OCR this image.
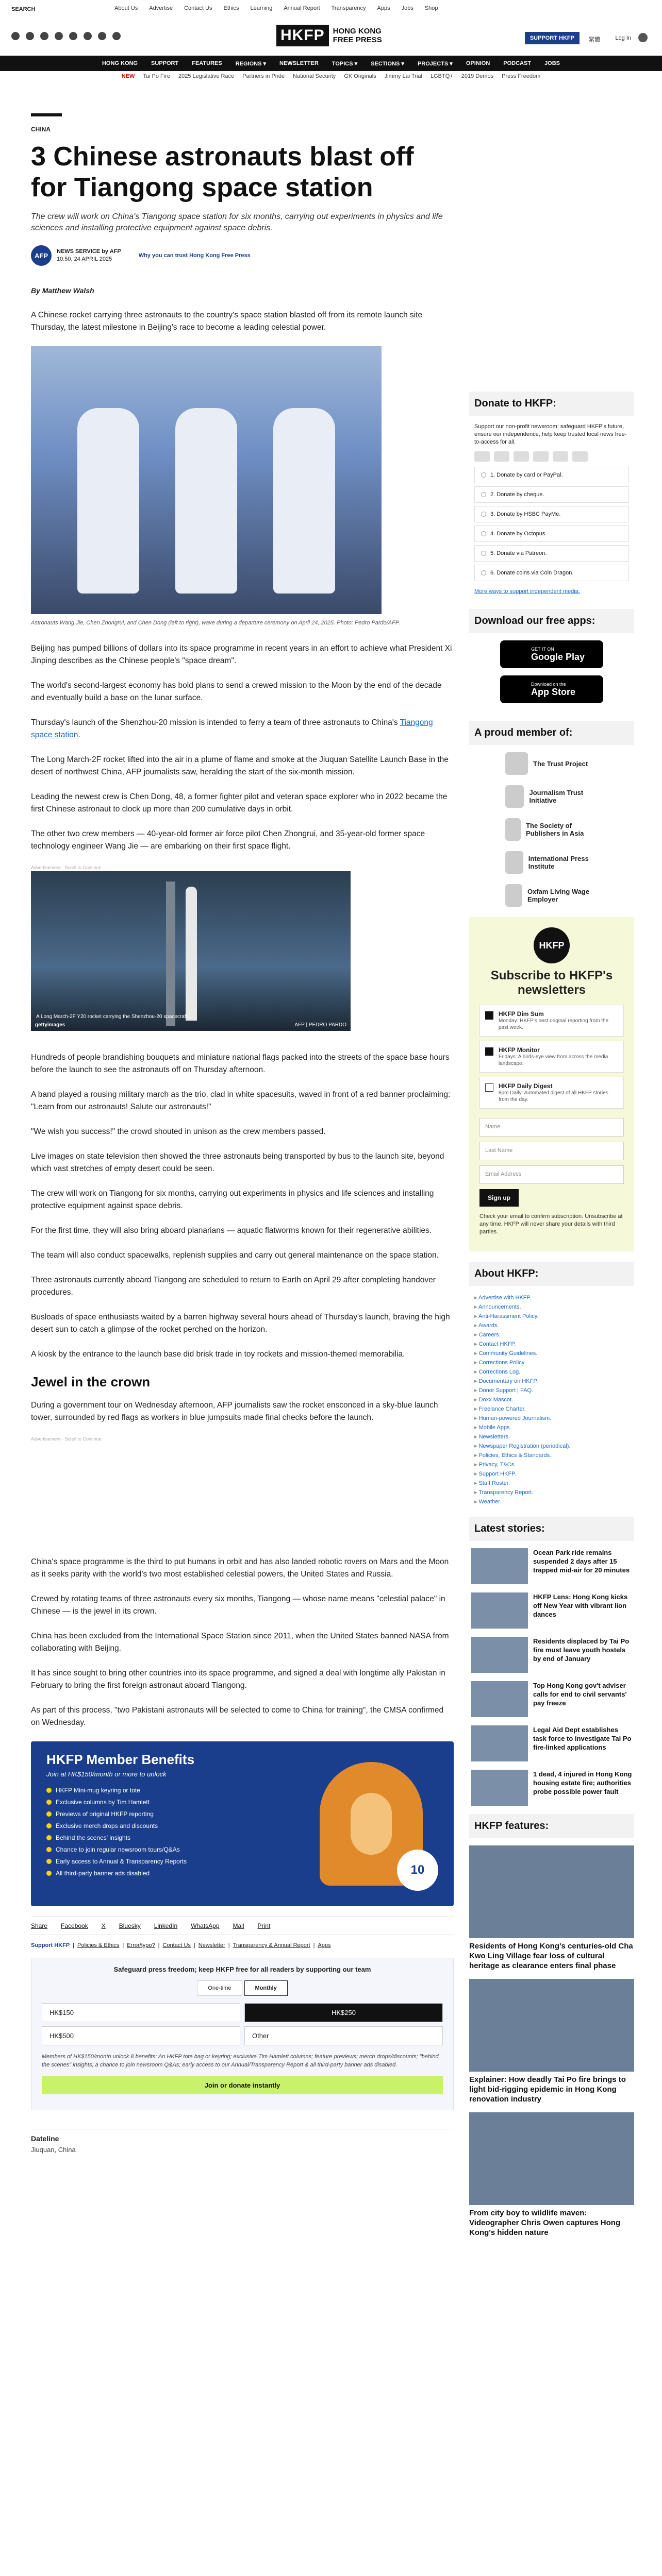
SEARCH	About Us Advertise Contact Us Ethics Learning Annual Report Transparency Apps Jobs Shop
HKFP	HONG KONG
FREE PRESS	SUPPORT HKFP	繁體	Log In
HONG KONG SUPPORT FEATURES REGIONS ▾ NEWSLETTER TOPICS ▾ SECTIONS ▾ PROJECTS ▾ OPINION PODCAST JOBS
NEW Tai Po Fire 2025 Legislative Race Partners in Pride National Security GK Originals Jimmy Lai Trial LGBTQ+ 2019 Demos Press Freedom
CHINA
3 Chinese astronauts blast off for Tiangong space station
The crew will work on China's Tiangong space station for six months, carrying out experiments in physics and life sciences and installing protective equipment against space debris.
AFP
NEWS SERVICE by AFP
10:50, 24 APRIL 2025
Why you can trust Hong Kong Free Press
By Matthew Walsh

A Chinese rocket carrying three astronauts to the country's space station blasted off from its remote launch site Thursday, the latest milestone in Beijing's race to become a leading celestial power.

Astronauts Wang Jie, Chen Zhongrui, and Chen Dong (left to right), wave during a departure ceremony on April 24, 2025. Photo: Pedro Pardo/AFP.

Beijing has pumped billions of dollars into its space programme in recent years in an effort to achieve what President Xi Jinping describes as the Chinese people's "space dream".

The world's second-largest economy has bold plans to send a crewed mission to the Moon by the end of the decade and eventually build a base on the lunar surface.

Thursday's launch of the Shenzhou-20 mission is intended to ferry a team of three astronauts to China's Tiangong space station.

The Long March-2F rocket lifted into the air in a plume of flame and smoke at the Jiuquan Satellite Launch Base in the desert of northwest China, AFP journalists saw, heralding the start of the six-month mission.

Leading the newest crew is Chen Dong, 48, a former fighter pilot and veteran space explorer who in 2022 became the first Chinese astronaut to clock up more than 200 cumulative days in orbit.

The other two crew members — 40-year-old former air force pilot Chen Zhongrui, and 35-year-old former space technology engineer Wang Jie — are embarking on their first space flight.

Advertisement · Scroll to Continue
A Long March-2F Y20 rocket carrying the Shenzhou-20 spacecraft...
gettyimages	AFP | PEDRO PARDO

Hundreds of people brandishing bouquets and miniature national flags packed into the streets of the space base hours before the launch to see the astronauts off on Thursday afternoon.

A band played a rousing military march as the trio, clad in white spacesuits, waved in front of a red banner proclaiming: "Learn from our astronauts! Salute our astronauts!"

"We wish you success!" the crowd shouted in unison as the crew members passed.

Live images on state television then showed the three astronauts being transported by bus to the launch site, beyond which vast stretches of empty desert could be seen.

The crew will work on Tiangong for six months, carrying out experiments in physics and life sciences and installing protective equipment against space debris.

For the first time, they will also bring aboard planarians — aquatic flatworms known for their regenerative abilities.

The team will also conduct spacewalks, replenish supplies and carry out general maintenance on the space station.

Three astronauts currently aboard Tiangong are scheduled to return to Earth on April 29 after completing handover procedures.

Busloads of space enthusiasts waited by a barren highway several hours ahead of Thursday's launch, braving the high desert sun to catch a glimpse of the rocket perched on the horizon.

A kiosk by the entrance to the launch base did brisk trade in toy rockets and mission-themed memorabilia.

Jewel in the crown

During a government tour on Wednesday afternoon, AFP journalists saw the rocket ensconced in a sky-blue launch tower, surrounded by red flags as workers in blue jumpsuits made final checks before the launch.

Advertisement · Scroll to Continue

China's space programme is the third to put humans in orbit and has also landed robotic rovers on Mars and the Moon as it seeks parity with the world's two most established celestial powers, the United States and Russia.

Crewed by rotating teams of three astronauts every six months, Tiangong — whose name means "celestial palace" in Chinese — is the jewel in its crown.

China has been excluded from the International Space Station since 2011, when the United States banned NASA from collaborating with Beijing.

It has since sought to bring other countries into its space programme, and signed a deal with longtime ally Pakistan in February to bring the first foreign astronaut aboard Tiangong.

As part of this process, "two Pakistani astronauts will be selected to come to China for training", the CMSA confirmed on Wednesday.

HKFP Member Benefits
Join at HK$150/month or more to unlock
HKFP Mini-mug keyring or tote
Exclusive columns by Tim Hamlett
Previews of original HKFP reporting
Exclusive merch drops and discounts
Behind the scenes' insights
Chance to join regular newsroom tours/Q&As
Early access to Annual & Transparency Reports
All third-party banner ads disabled	10
Share Facebook X Bluesky LinkedIn WhatsApp Mail Print
Support HKFP | Policies & Ethics | Error/typo? | Contact Us | Newsletter | Transparency & Annual Report | Apps
Safeguard press freedom; keep HKFP free for all readers by supporting our team
One-time	Monthly
HK$150	HK$250
HK$500	Other
Members of HK$150/month unlock 8 benefits: An HKFP tote bag or keyring; exclusive Tim Hamlett columns; feature previews; merch drops/discounts; "behind the scenes" insights; a chance to join newsroom Q&As; early access to our Annual/Transparency Report & all third-party banner ads disabled.
Join or donate instantly
Dateline
Jiuquan, China
Donate to HKFP:
Support our non-profit newsroom: safeguard HKFP's future, ensure our independence, help keep trusted local news free-to-access for all.
1. Donate by card or PayPal.
2. Donate by cheque.
3. Donate by HSBC PayMe.
4. Donate by Octopus.
5. Donate via Patreon.
6. Donate coins via Coin Dragon.
More ways to support independent media.
Download our free apps:
GET IT ON
Google Play
Download on the
App Store
A proud member of:
The Trust Project
Journalism Trust Initiative
The Society of Publishers in Asia
International Press Institute
Oxfam Living Wage Employer
HKFP
Subscribe to HKFP's newsletters
HKFP Dim Sum
Monday: HKFP's best original reporting from the past week.
HKFP Monitor
Fridays: A birds-eye view from across the media landscape.
HKFP Daily Digest
8pm Daily: Automated digest of all HKFP stories from the day.
Name
Last Name
Email Address
Sign up
Check your email to confirm subscription. Unsubscribe at any time. HKFP will never share your details with third parties.
About HKFP:
▸ Advertise with HKFP.
▸ Announcements.
▸ Anti-Harassment Policy.
▸ Awards.
▸ Careers.
▸ Contact HKFP.
▸ Community Guidelines.
▸ Corrections Policy.
▸ Corrections Log.
▸ Documentary on HKFP.
▸ Donor Support | FAQ.
▸ Doxx Mascot.
▸ Freelance Charter.
▸ Human-powered Journalism.
▸ Mobile Apps.
▸ Newsletters.
▸ Newspaper Registration (periodical).
▸ Policies, Ethics & Standards.
▸ Privacy, T&Cs.
▸ Support HKFP.
▸ Staff Roster.
▸ Transparency Report.
▸ Weather.
Latest stories:
Ocean Park ride remains suspended 2 days after 15 trapped mid-air for 20 minutes
HKFP Lens: Hong Kong kicks off New Year with vibrant lion dances
Residents displaced by Tai Po fire must leave youth hostels by end of January
Top Hong Kong gov't adviser calls for end to civil servants' pay freeze
Legal Aid Dept establishes task force to investigate Tai Po fire-linked applications
1 dead, 4 injured in Hong Kong housing estate fire; authorities probe possible power fault
HKFP features:
Residents of Hong Kong's centuries-old Cha Kwo Ling Village fear loss of cultural heritage as clearance enters final phase
Explainer: How deadly Tai Po fire brings to light bid-rigging epidemic in Hong Kong renovation industry
From city boy to wildlife maven: Videographer Chris Owen captures Hong Kong's hidden nature
